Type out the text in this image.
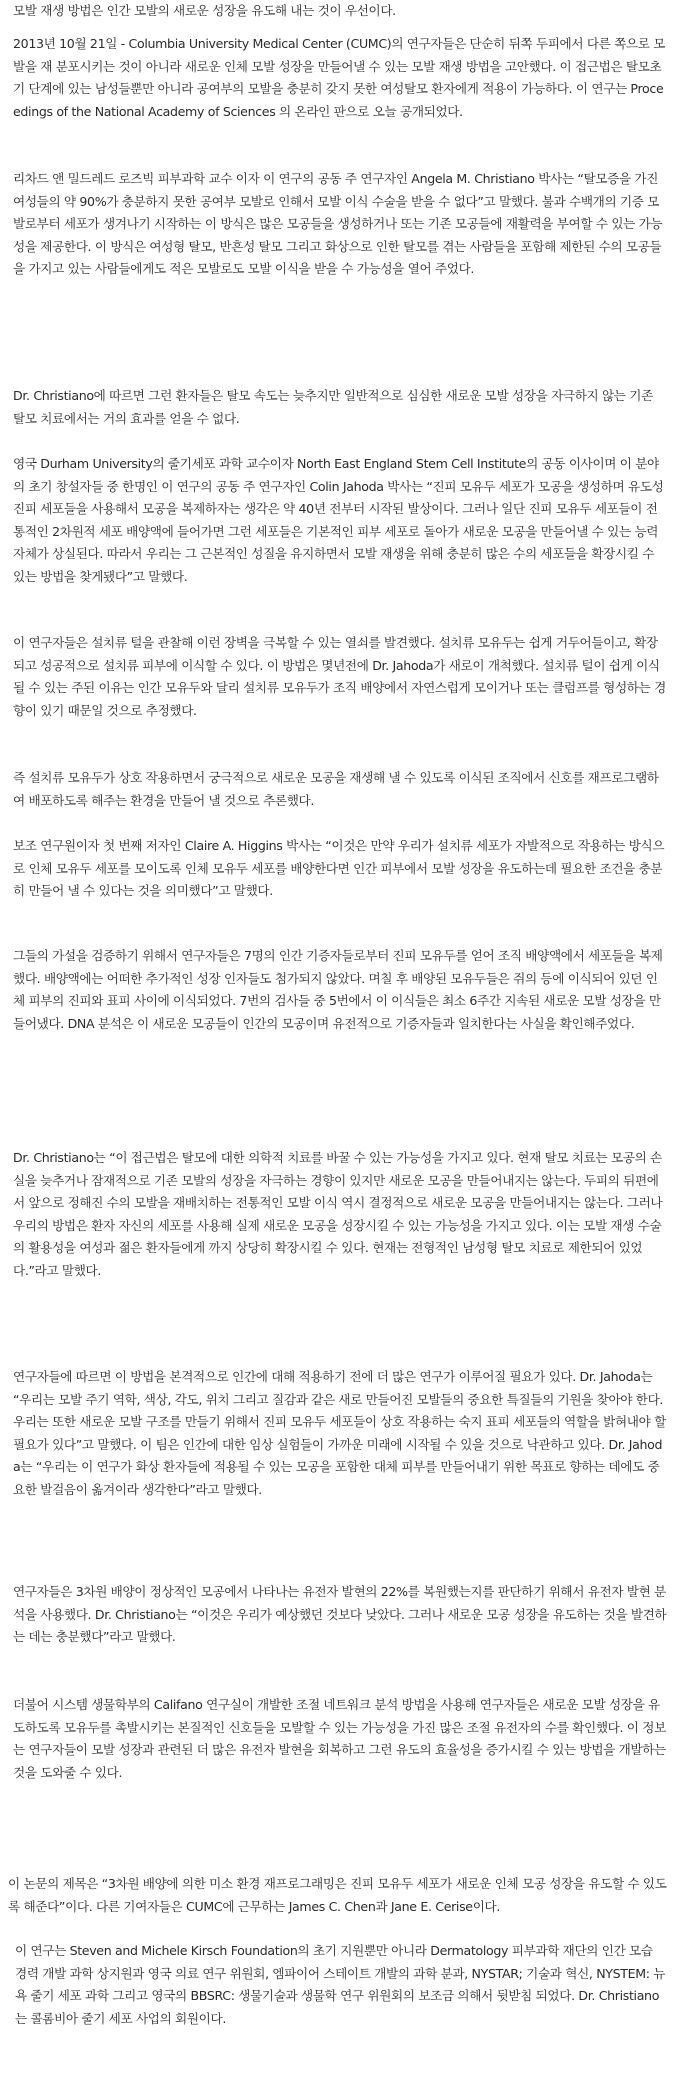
모발 재생 방법은 인간 모발의 새로운 성장을 유도해 내는 것이 우선이다.

2013년 10월 21일 - Columbia University Medical Center (CUMC)의 연구자들은 단순히 뒤쪽 두피에서 다른 쪽으로 모발을 재 분포시키는 것이 아니라 새로운 인체 모발 성장을 만들어낼 수 있는 모발 재생 방법을 고안했다. 이 접근법은 탈모초기 단계에 있는 남성들뿐만 아니라 공여부의 모발을 충분히 갖지 못한 여성탈모 환자에게 적용이 가능하다. 이 연구는 Proceedings of the National Academy of Sciences 의 온라인 판으로 오늘 공개되었다.

리차드 앤 밀드레드 로즈빅 피부과학 교수 이자 이 연구의 공동 주 연구자인 Angela M. Christiano 박사는 “탈모증을 가진 여성들의 약 90%가 충분하지 못한 공여부 모발로 인해서 모발 이식 수술을 받을 수 없다”고 말했다. 불과 수백개의 기증 모발로부터 세포가 생겨나기 시작하는 이 방식은 많은 모공들을 생성하거나 또는 기존 모공들에 재활력을 부여할 수 있는 가능성을 제공한다. 이 방식은 여성형 탈모, 반흔성 탈모 그리고 화상으로 인한 탈모를 겪는 사람들을 포함해 제한된 수의 모공들을 가지고 있는 사람들에게도 적은 모발로도 모발 이식을 받을 수 가능성을 열어 주었다.

Dr. Christiano에 따르면 그런 환자들은 탈모 속도는 늦추지만 일반적으로 심심한 새로운 모발 성장을 자극하지 않는 기존 탈모 치료에서는 거의 효과를 얻을 수 없다.

영국 Durham University의 줄기세포 과학 교수이자 North East England Stem Cell Institute의 공동 이사이며 이 분야의 초기 창설자들 중 한명인 이 연구의 공동 주 연구자인 Colin Jahoda 박사는 “진피 모유두 세포가 모공을 생성하며 유도성 진피 세포들을 사용해서 모공을 복제하자는 생각은 약 40년 전부터 시작된 발상이다. 그러나 일단 진피 모유두 세포들이 전통적인 2차원적 세포 배양액에 들어가면 그런 세포들은 기본적인 피부 세포로 돌아가 새로운 모공을 만들어낼 수 있는 능력자체가 상실된다. 따라서 우리는 그 근본적인 성질을 유지하면서 모발 재생을 위해 충분히 많은 수의 세포들을 확장시킬 수 있는 방법을 찾게됐다”고 말했다.

이 연구자들은 설치류 털을 관찰해 이런 장벽을 극복할 수 있는 열쇠를 발견했다. 설치류 모유두는 쉽게 거두어들이고, 확장되고 성공적으로 설치류 피부에 이식할 수 있다. 이 방법은 몇년전에 Dr. Jahoda가 새로이 개척했다. 설치류 털이 쉽게 이식될 수 있는 주된 이유는 인간 모유두와 달리 설치류 모유두가 조직 배양에서 자연스럽게 모이거나 또는 클럼프를 형성하는 경향이 있기 때문일 것으로 추정했다.

즉 설치류 모유두가 상호 작용하면서 궁극적으로 새로운 모공을 재생해 낼 수 있도록 이식된 조직에서 신호를 재프로그램하여 배포하도록 해주는 환경을 만들어 낼 것으로 추론했다.

보조 연구원이자 첫 번째 저자인 Claire A. Higgins 박사는 “이것은 만약 우리가 설치류 세포가 자발적으로 작용하는 방식으로 인체 모유두 세포를 모이도록 인체 모유두 세포를 배양한다면 인간 피부에서 모발 성장을 유도하는데 필요한 조건을 충분히 만들어 낼 수 있다는 것을 의미했다”고 말했다.

그들의 가설을 검증하기 위해서 연구자들은 7명의 인간 기증자들로부터 진피 모유두를 얻어 조직 배양액에서 세포들을 복제했다. 배양액에는 어떠한 추가적인 성장 인자들도 첨가되지 않았다. 며칠 후 배양된 모유두들은 쥐의 등에 이식되어 있던 인체 피부의 진피와 표피 사이에 이식되었다. 7번의 검사들 중 5번에서 이 이식들은 최소 6주간 지속된 새로운 모발 성장을 만들어냈다. DNA 분석은 이 새로운 모공들이 인간의 모공이며 유전적으로 기증자들과 일치한다는 사실을 확인해주었다.

Dr. Christiano는 “이 접근법은 탈모에 대한 의학적 치료를 바꿀 수 있는 가능성을 가지고 있다. 현재 탈모 치료는 모공의 손실을 늦추거나 잠재적으로 기존 모발의 성장을 자극하는 경향이 있지만 새로운 모공을 만들어내지는 않는다. 두피의 뒤편에서 앞으로 정해진 수의 모발을 재배치하는 전통적인 모발 이식 역시 결정적으로 새로운 모공을 만들어내지는 않는다. 그러나 우리의 방법은 환자 자신의 세포를 사용해 실제 새로운 모공을 성장시킬 수 있는 가능성을 가지고 있다. 이는 모발 재생 수술의 활용성을 여성과 젊은 환자들에게 까지 상당히 확장시킬 수 있다. 현재는 전형적인 남성형 탈모 치료로 제한되어 있었다.”라고 말했다.

연구자들에 따르면 이 방법을 본격적으로 인간에 대해 적용하기 전에 더 많은 연구가 이루어질 필요가 있다. Dr. Jahoda는 “우리는 모발 주기 역학, 색상, 각도, 위치 그리고 질감과 같은 새로 만들어진 모발들의 중요한 특질들의 기원을 찾아야 한다. 우리는 또한 새로운 모발 구조를 만들기 위해서 진피 모유두 세포들이 상호 작용하는 숙지 표피 세포들의 역할을 밝혀내야 할 필요가 있다”고 말했다. 이 팀은 인간에 대한 임상 실험들이 가까운 미래에 시작될 수 있을 것으로 낙관하고 있다. Dr. Jahoda는 “우리는 이 연구가 화상 환자들에 적용될 수 있는 모공을 포함한 대체 피부를 만들어내기 위한 목표로 향하는 데에도 중요한 발걸음이 옮겨이라 생각한다”라고 말했다.

연구자들은 3차원 배양이 정상적인 모공에서 나타나는 유전자 발현의 22%를 복원했는지를 판단하기 위해서 유전자 발현 분석을 사용했다. Dr. Christiano는 “이것은 우리가 예상했던 것보다 낮았다. 그러나 새로운 모공 성장을 유도하는 것을 발견하는 데는 충분했다”라고 말했다.

더불어 시스템 생물학부의 Califano 연구실이 개발한 조절 네트워크 분석 방법을 사용해 연구자들은 새로운 모발 성장을 유도하도록 모유두를 촉발시키는 본질적인 신호들을 모발할 수 있는 가능성을 가진 많은 조절 유전자의 수를 확인했다. 이 정보는 연구자들이 모발 성장과 관련된 더 많은 유전자 발현을 회복하고 그런 유도의 효율성을 증가시킬 수 있는 방법을 개발하는 것을 도와줄 수 있다.

이 논문의 제목은 “3차원 배양에 의한 미소 환경 재프로그래밍은 진피 모유두 세포가 새로운 인체 모공 성장을 유도할 수 있도록 해준다”이다. 다른 기여자들은 CUMC에 근무하는 James C. Chen과 Jane E. Cerise이다.

이 연구는 Steven and Michele Kirsch Foundation의 초기 지원뿐만 아니라 Dermatology 피부과학 재단의 인간 모습 경력 개발 과학 상지원과 영국 의료 연구 위원회, 엠파이어 스테이트 개발의 과학 분과, NYSTAR; 기술과 혁신, NYSTEM: 뉴욕 줄기 세포 과학 그리고 영국의 BBSRC: 생물기술과 생물학 연구 위원회의 보조금 의해서 뒷받침 되었다. Dr. Christiano는 콜롬비아 줄기 세포 사업의 회원이다.
